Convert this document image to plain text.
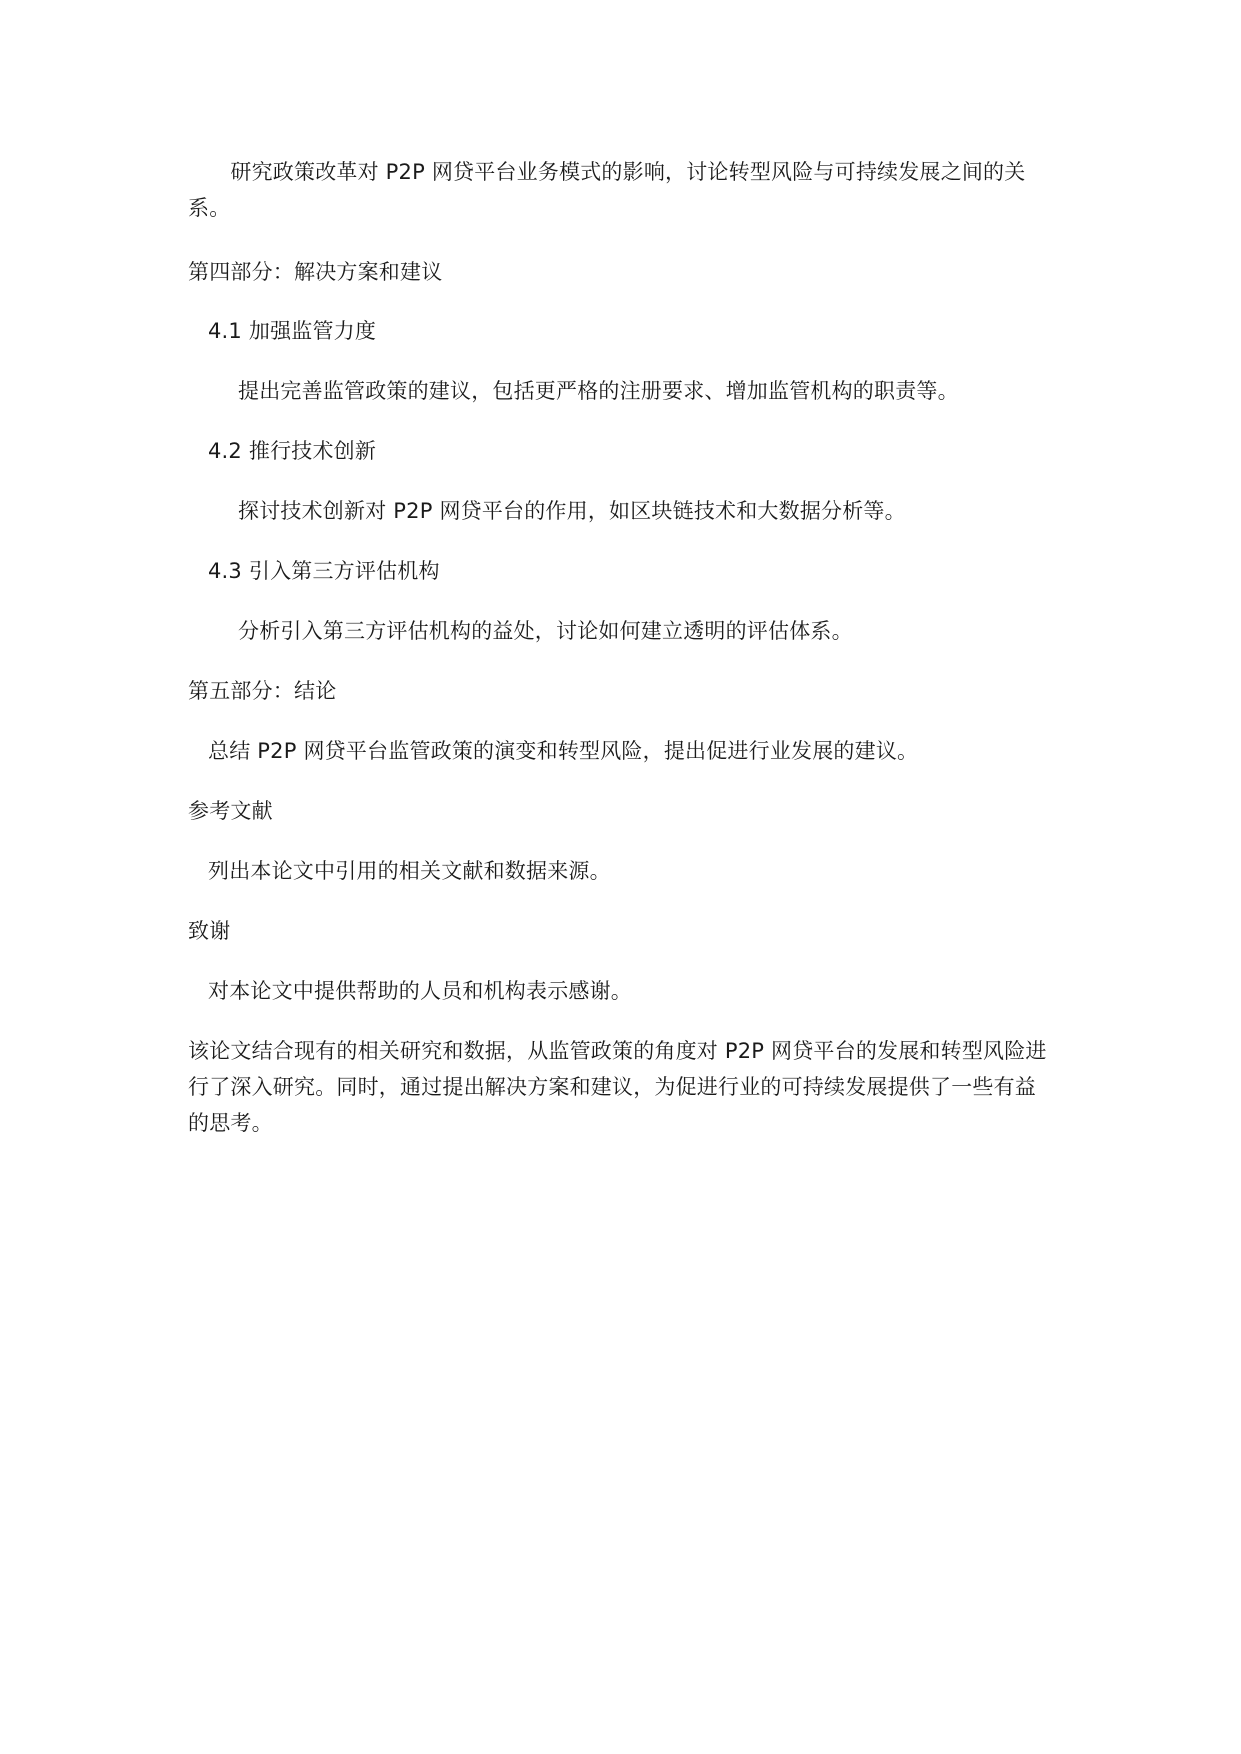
　　研究政策改革对 P2P 网贷平台业务模式的影响，讨论转型风险与可持续发展之间的关系。
第四部分：解决方案和建议
4.1 加强监管力度
提出完善监管政策的建议，包括更严格的注册要求、增加监管机构的职责等。
4.2 推行技术创新
探讨技术创新对 P2P 网贷平台的作用，如区块链技术和大数据分析等。
4.3 引入第三方评估机构
分析引入第三方评估机构的益处，讨论如何建立透明的评估体系。
第五部分：结论
总结 P2P 网贷平台监管政策的演变和转型风险，提出促进行业发展的建议。
参考文献
列出本论文中引用的相关文献和数据来源。
致谢
对本论文中提供帮助的人员和机构表示感谢。
该论文结合现有的相关研究和数据，从监管政策的角度对 P2P 网贷平台的发展和转型风险进行了深入研究。同时，通过提出解决方案和建议，为促进行业的可持续发展提供了一些有益的思考。
